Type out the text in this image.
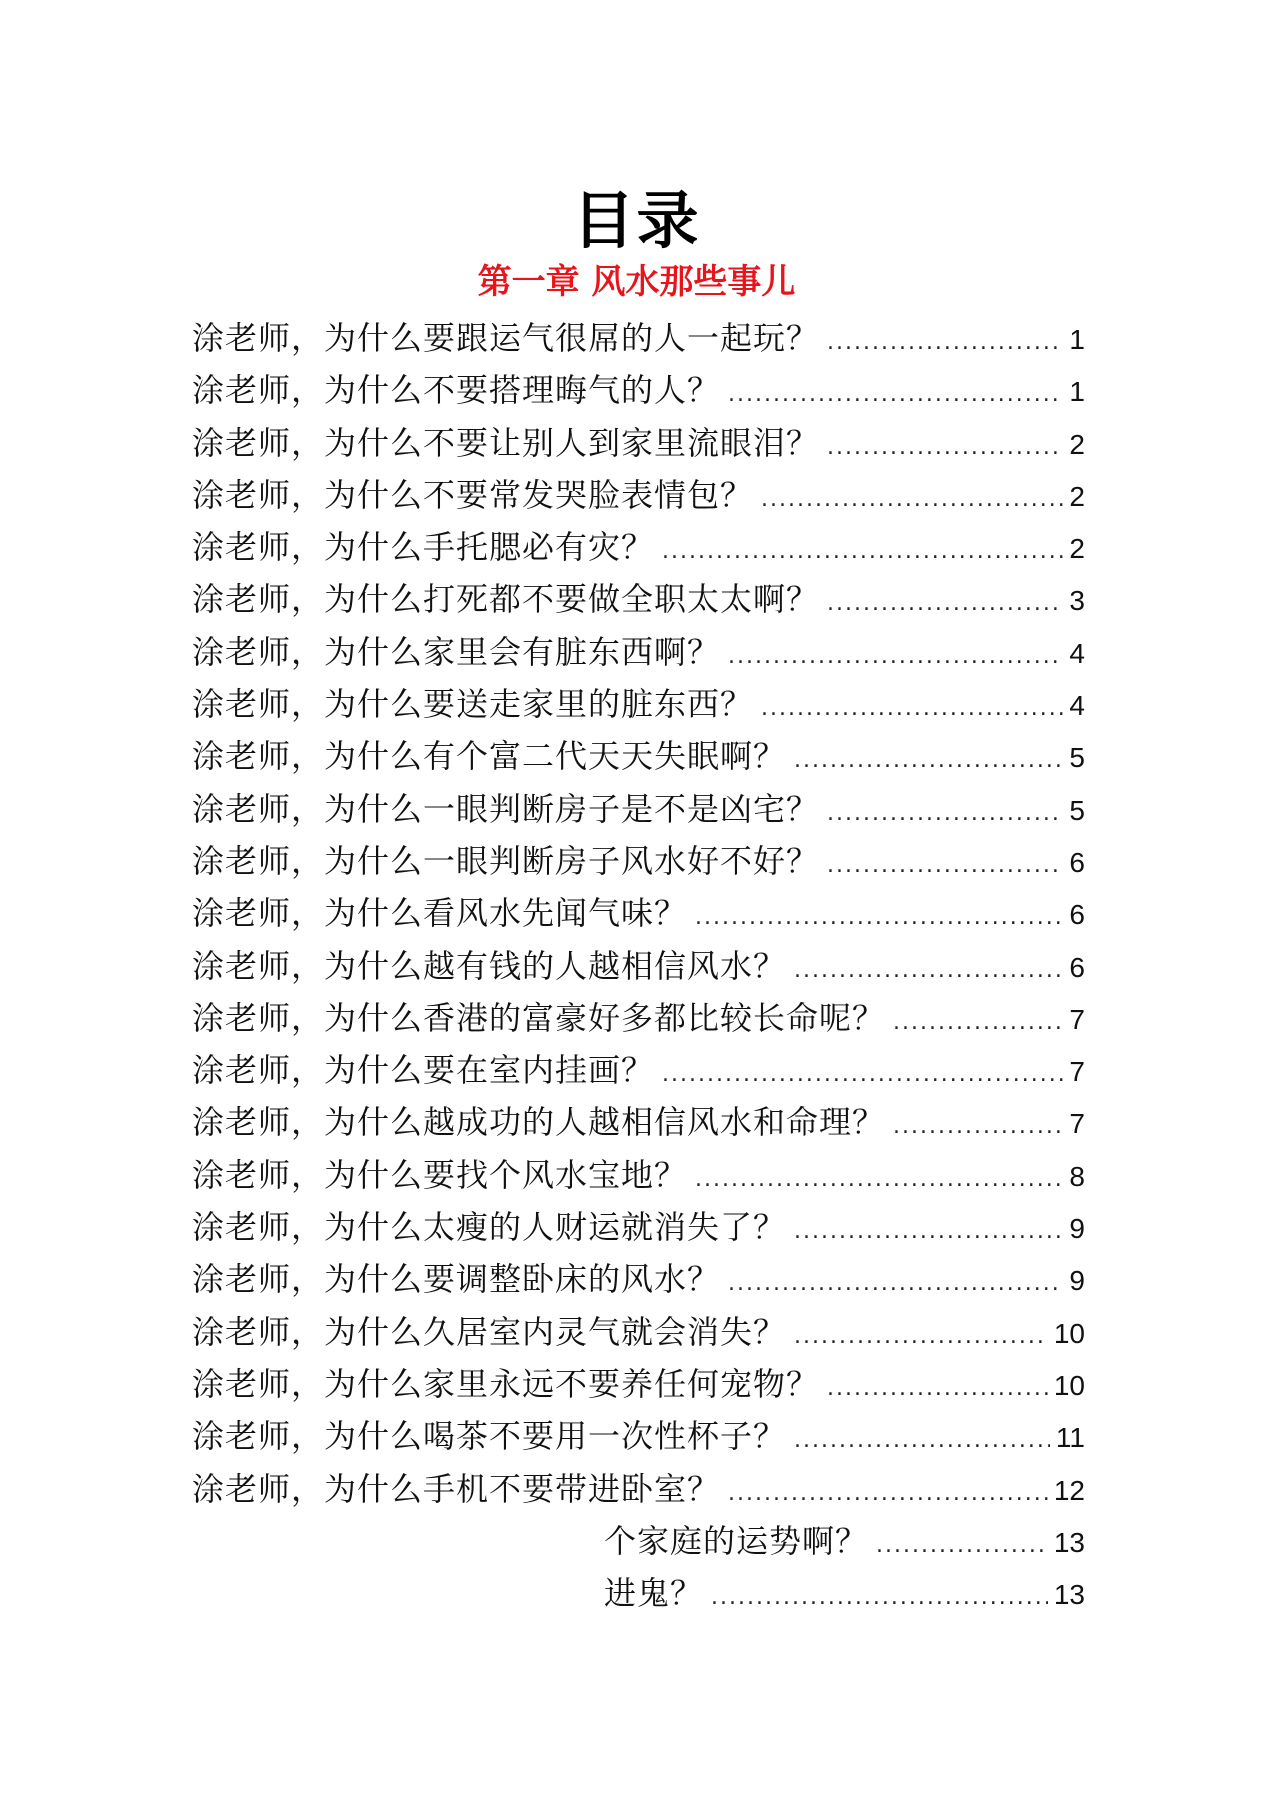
目录
第一章 风水那些事儿
涂老师，为什么要跟运气很屌的人一起玩？ .....	1
涂老师，为什么不要搭理晦气的人？ .....	1
涂老师，为什么不要让别人到家里流眼泪？ .....	2
涂老师，为什么不要常发哭脸表情包？ .....	2
涂老师，为什么手托腮必有灾？ .....	2
涂老师，为什么打死都不要做全职太太啊？ .....	3
涂老师，为什么家里会有脏东西啊？ .....	4
涂老师，为什么要送走家里的脏东西？ .....	4
涂老师，为什么有个富二代天天失眠啊？ .....	5
涂老师，为什么一眼判断房子是不是凶宅？ .....	5
涂老师，为什么一眼判断房子风水好不好？ .....	6
涂老师，为什么看风水先闻气味？ .....	6
涂老师，为什么越有钱的人越相信风水？ .....	6
涂老师，为什么香港的富豪好多都比较长命呢？ .....	7
涂老师，为什么要在室内挂画？ .....	7
涂老师，为什么越成功的人越相信风水和命理？ .....	7
涂老师，为什么要找个风水宝地？ .....	8
涂老师，为什么太瘦的人财运就消失了？ .....	9
涂老师，为什么要调整卧床的风水？ .....	9
涂老师，为什么久居室内灵气就会消失？ .....	10
涂老师，为什么家里永远不要养任何宠物？ .....	10
涂老师，为什么喝茶不要用一次性杯子？ .....	11
涂老师，为什么手机不要带进卧室？ .....	12
个家庭的运势啊？ .....	13
进鬼？ .....	13
